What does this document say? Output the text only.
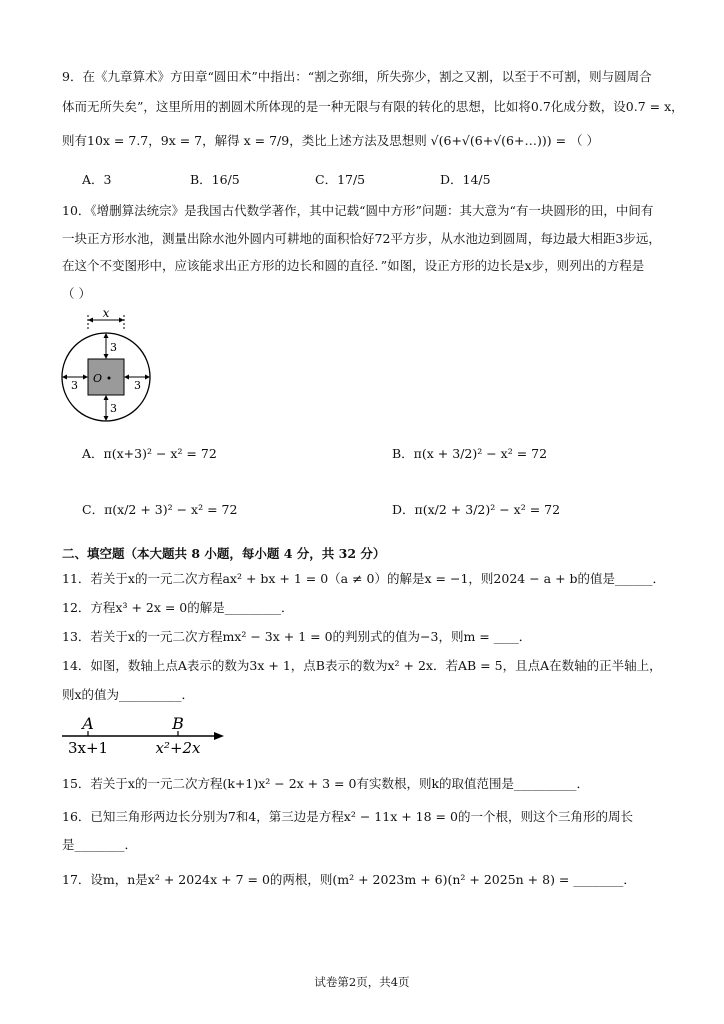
9．在《九章算术》方田章“圆田术”中指出：“割之弥细，所失弥少，割之又割，以至于不可割，则与圆周合
体而无所失矣”，这里所用的割圆术所体现的是一种无限与有限的转化的思想，比如将0.7化成分数，设0.7 = x，
则有10x = 7.7，9x = 7，解得 x = 7/9，类比上述方法及思想则 √(6+√(6+√(6+…))) = （ ）
A．3	B．16/5	C．17/5	D．14/5
10．《增删算法统宗》是我国古代数学著作，其中记载“圆中方形”问题：其大意为“有一块圆形的田，中间有
一块正方形水池，测量出除水池外圆内可耕地的面积恰好72平方步，从水池边到圆周，每边最大相距3步远，
在这个不变图形中，应该能求出正方形的边长和圆的直径．”如图，设正方形的边长是x步，则列出的方程是
（ ）
x
O
3
3
3	3
A．π(x+3)² − x² = 72	B．π(x + 3/2)² − x² = 72
C．π(x/2 + 3)² − x² = 72	D．π(x/2 + 3/2)² − x² = 72
二、填空题（本大题共 8 小题，每小题 4 分，共 32 分）
11．若关于x的一元二次方程ax² + bx + 1 = 0（a ≠ 0）的解是x = −1，则2024 − a + b的值是______．
12．方程x³ + 2x = 0的解是_________．
13．若关于x的一元二次方程mx² − 3x + 1 = 0的判别式的值为−3，则m = ____．
14．如图，数轴上点A表示的数为3x + 1，点B表示的数为x² + 2x．若AB = 5，且点A在数轴的正半轴上，
则x的值为__________．
A	B
3x+1	x²+2x
15．若关于x的一元二次方程(k+1)x² − 2x + 3 = 0有实数根，则k的取值范围是__________．
16．已知三角形两边长分别为7和4，第三边是方程x² − 11x + 18 = 0的一个根，则这个三角形的周长
是________．
17．设m，n是x² + 2024x + 7 = 0的两根，则(m² + 2023m + 6)(n² + 2025n + 8) = ________．
试卷第2页，共4页
